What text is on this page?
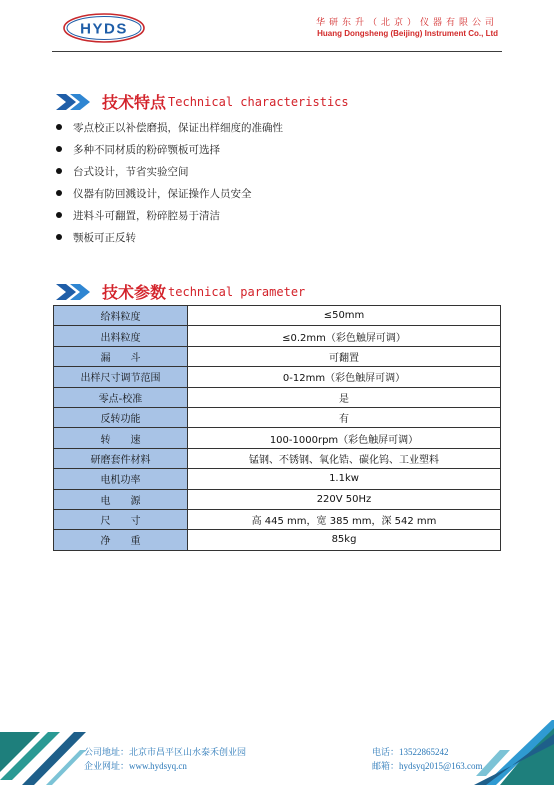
HYDS	华研东升（北京）仪器有限公司
Huang Dongsheng (Beijing) Instrument Co., Ltd
技术特点 Technical characteristics
零点校正以补偿磨损，保证出样细度的准确性
多种不同材质的粉碎颚板可选择
台式设计，节省实验空间
仪器有防回溅设计，保证操作人员安全
进料斗可翻置，粉碎腔易于清洁
颚板可正反转
技术参数 technical parameter
给料粒度	≤50mm
出料粒度	≤0.2mm（彩色触屏可调）
漏　　斗	可翻置
出样尺寸调节范围	0-12mm（彩色触屏可调）
零点-校准	是
反转功能	有
转　　速	100-1000rpm（彩色触屏可调）
研磨套件材料	锰钢、不锈钢、氧化锆、碳化钨、工业塑料
电机功率	1.1kw
电　　源	220V 50Hz
尺　　寸	高 445 mm，宽 385 mm，深 542 mm
净　　重	85kg
公司地址：北京市昌平区山水泰禾创业园
企业网址：www.hydsyq.cn
电话：13522865242
邮箱：hydsyq2015@163.com
